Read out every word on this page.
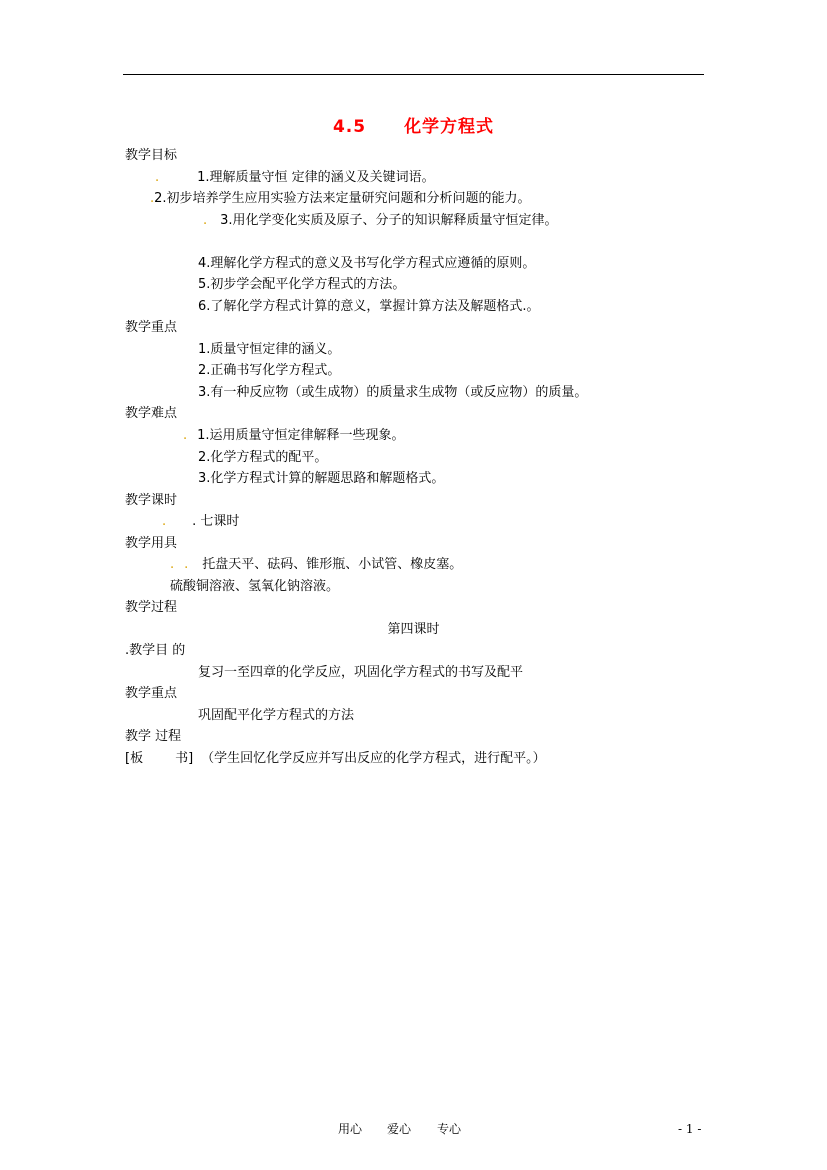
4.5 化学方程式
教学目标
.	1.理解质量守恒 定律的涵义及关键词语。
.2.初步培养学生应用实验方法来定量研究问题和分析问题的能力。
. 3.用化学变化实质及原子、分子的知识解释质量守恒定律。
4.理解化学方程式的意义及书写化学方程式应遵循的原则。
5.初步学会配平化学方程式的方法。
6.了解化学方程式计算的意义，掌握计算方法及解题格式.。
教学重点
1.质量守恒定律的涵义。
2.正确书写化学方程式。
3.有一种反应物（或生成物）的质量求生成物（或反应物）的质量。
教学难点
. 1.运用质量守恒定律解释一些现象。
2.化学方程式的配平。
3.化学方程式计算的解题思路和解题格式。
教学课时
. . 七课时
教学用具
. . 托盘天平、砝码、锥形瓶、小试管、橡皮塞。
硫酸铜溶液、氢氧化钠溶液。
教学过程
第四课时
.教学目 的
复习一至四章的化学反应，巩固化学方程式的书写及配平
教学重点
巩固配平化学方程式的方法
教学 过程
[板 书] （学生回忆化学反应并写出反应的化学方程式，进行配平。）
用心 爱心 专心	- 1 -
